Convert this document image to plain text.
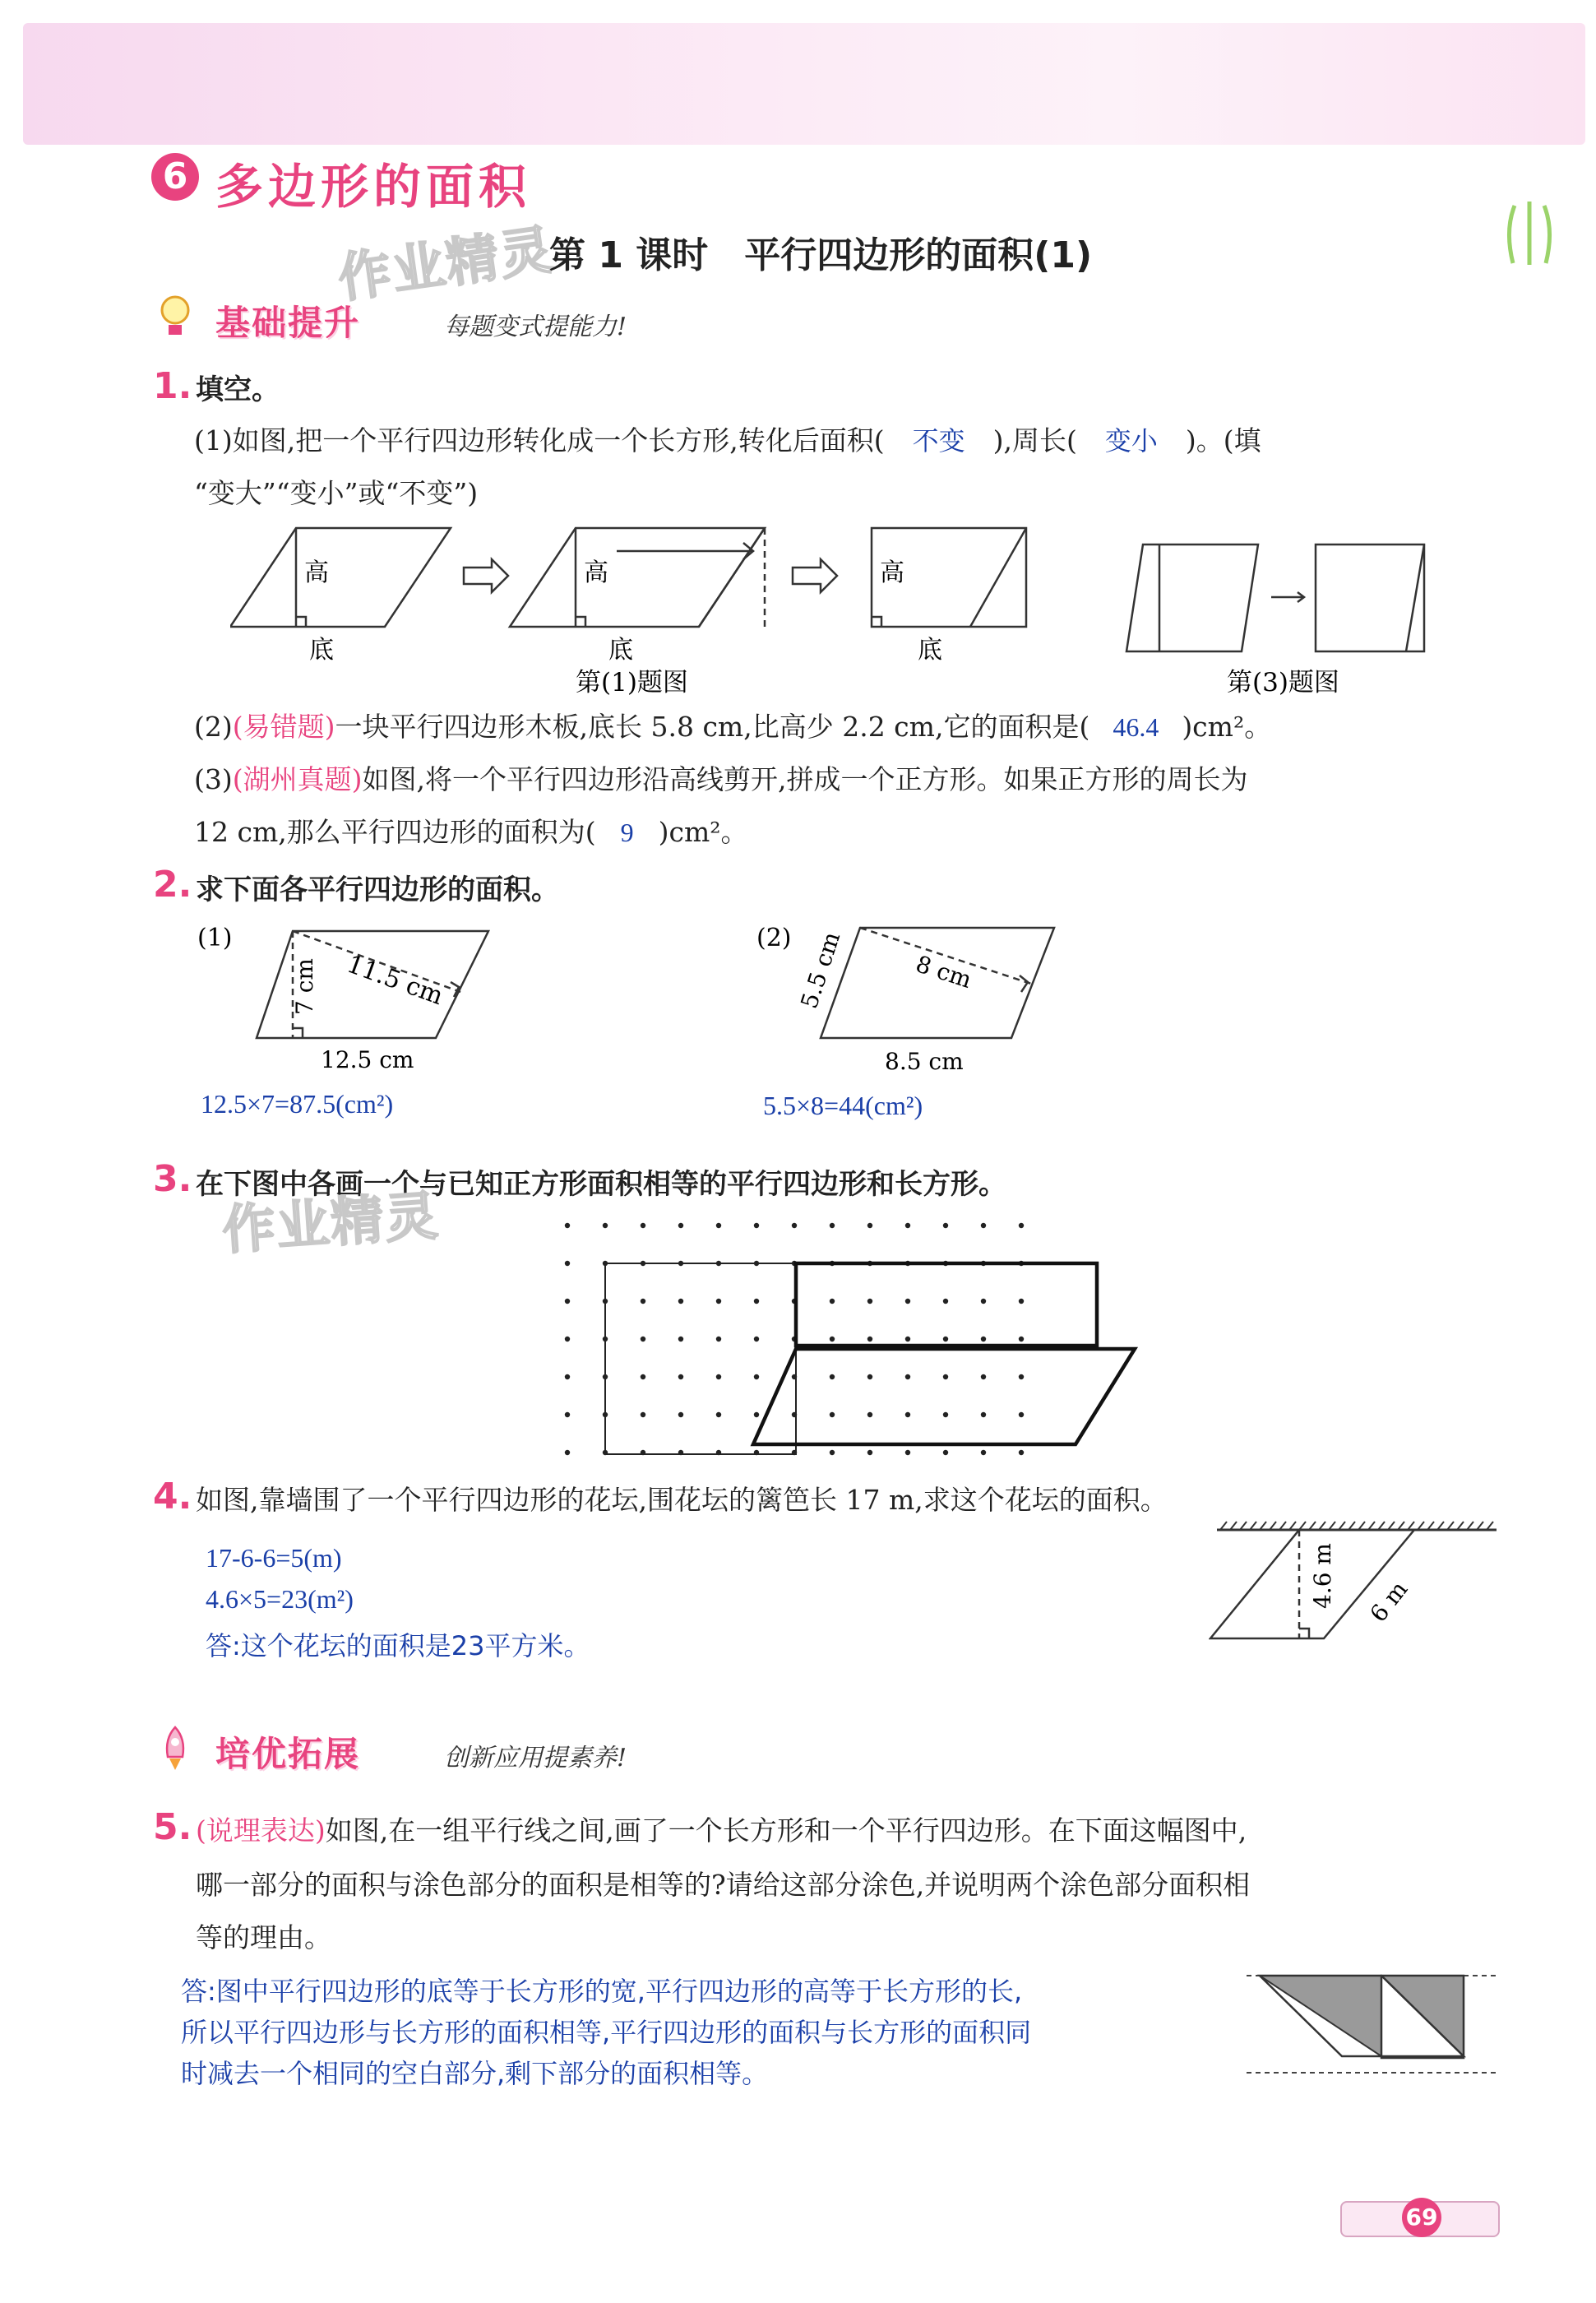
6 多边形的面积
作业精灵
第 1 课时　平行四边形的面积(1)
基础提升	每题变式提能力!
1. 填空。
(1)如图,把一个平行四边形转化成一个长方形,转化后面积( 不变 ),周长( 变小 )。(填
“变大”“变小”或“不变”)
高
底
高
底
高
底
第(1)题图	第(3)题图
(2)(易错题)一块平行四边形木板,底长 5.8 cm,比高少 2.2 cm,它的面积是( 46.4 )cm²。
(3)(湖州真题)如图,将一个平行四边形沿高线剪开,拼成一个正方形。如果正方形的周长为
12 cm,那么平行四边形的面积为( 9 )cm²。
2. 求下面各平行四边形的面积。
(1)
7 cm 11.5 cm
12.5 cm
(2) 5.5 cm	8 cm
8.5 cm
12.5×7=87.5(cm²)	5.5×8=44(cm²)
3. 在下图中各画一个与已知正方形面积相等的平行四边形和长方形。
作业精灵
4. 如图,靠墙围了一个平行四边形的花坛,围花坛的篱笆长 17 m,求这个花坛的面积。
17-6-6=5(m)
4.6×5=23(m²)
答:这个花坛的面积是23平方米。
4.6 m 6 m
培优拓展	创新应用提素养!
5. (说理表达)如图,在一组平行线之间,画了一个长方形和一个平行四边形。在下面这幅图中,
哪一部分的面积与涂色部分的面积是相等的?请给这部分涂色,并说明两个涂色部分面积相
等的理由。
答:图中平行四边形的底等于长方形的宽,平行四边形的高等于长方形的长,
所以平行四边形与长方形的面积相等,平行四边形的面积与长方形的面积同
时减去一个相同的空白部分,剩下部分的面积相等。
69
